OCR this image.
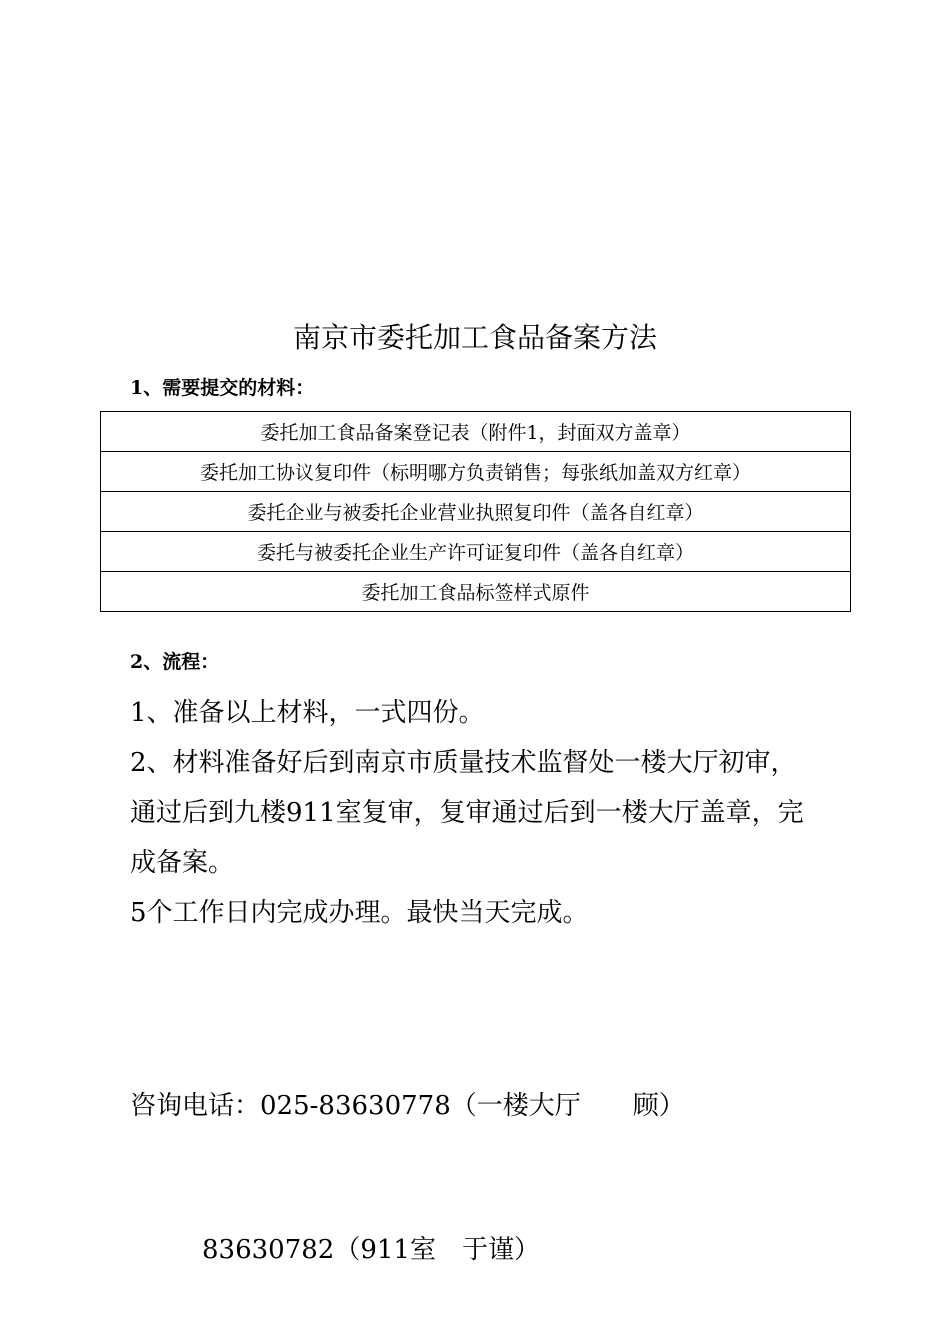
南京市委托加工食品备案方法
1、需要提交的材料：
委托加工食品备案登记表（附件1，封面双方盖章）
委托加工协议复印件（标明哪方负责销售；每张纸加盖双方红章）
委托企业与被委托企业营业执照复印件（盖各自红章）
委托与被委托企业生产许可证复印件（盖各自红章）
委托加工食品标签样式原件
2、流程：

1、准备以上材料，一式四份。

2、材料准备好后到南京市质量技术监督处一楼大厅初审，通过后到九楼911室复审，复审通过后到一楼大厅盖章，完成备案。

5个工作日内完成办理。最快当天完成。

咨询电话：025-83630778（一楼大厅　　顾）

83630782（911室　于谨）
